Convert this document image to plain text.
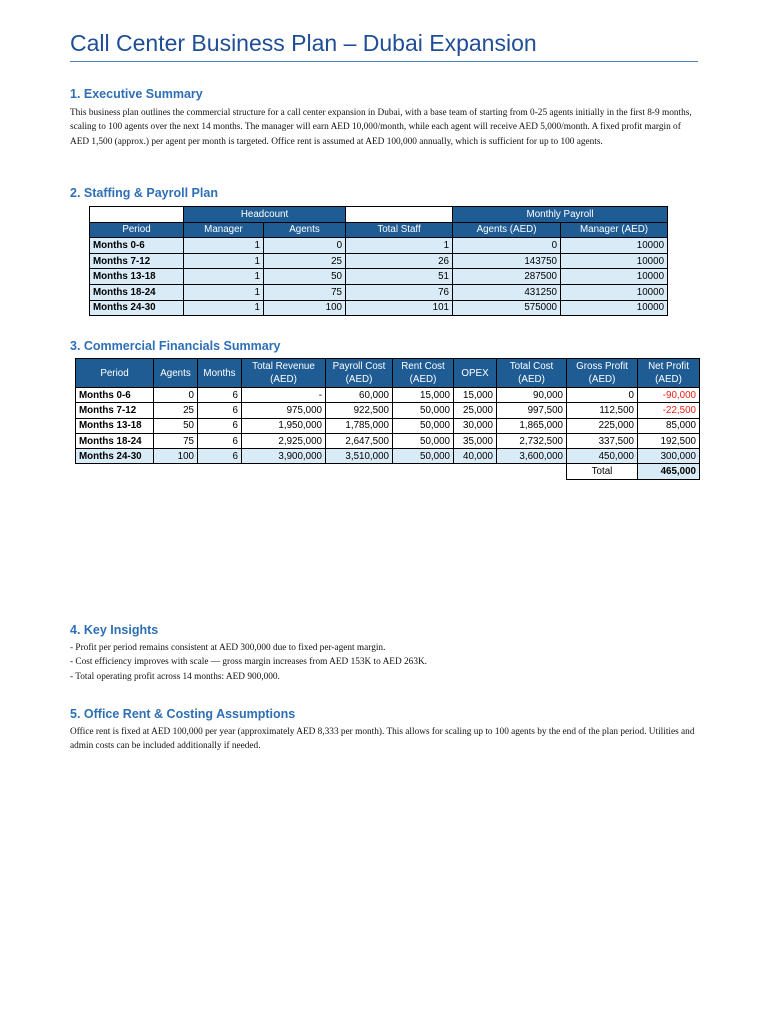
Call Center Business Plan – Dubai Expansion
1. Executive Summary
This business plan outlines the commercial structure for a call center expansion in Dubai, with a base team of starting from 0-25 agents initially in the first 8-9 months, scaling to 100 agents over the next 14 months. The manager will earn AED 10,000/month, while each agent will receive AED 5,000/month. A fixed profit margin of AED 1,500 (approx.) per agent per month is targeted. Office rent is assumed at AED 100,000 annually, which is sufficient for up to 100 agents.
2. Staffing & Payroll Plan
	Headcount			Monthly Payroll	
Period	Manager	Agents	Total Staff	Agents (AED)	Manager (AED)
Months 0-6	1	0	1	0	10000
Months 7-12	1	25	26	143750	10000
Months 13-18	1	50	51	287500	10000
Months 18-24	1	75	76	431250	10000
Months 24-30	1	100	101	575000	10000
3. Commercial Financials Summary
Period	Agents	Months	Total Revenue (AED)	Payroll Cost (AED)	Rent Cost (AED)	OPEX	Total Cost (AED)	Gross Profit (AED)	Net Profit (AED)
Months 0-6	0	6	-	60,000	15,000	15,000	90,000	0	-90,000
Months 7-12	25	6	975,000	922,500	50,000	25,000	997,500	112,500	-22,500
Months 13-18	50	6	1,950,000	1,785,000	50,000	30,000	1,865,000	225,000	85,000
Months 18-24	75	6	2,925,000	2,647,500	50,000	35,000	2,732,500	337,500	192,500
Months 24-30	100	6	3,900,000	3,510,000	50,000	40,000	3,600,000	450,000	300,000
								Total	465,000
4. Key Insights
- Profit per period remains consistent at AED 300,000 due to fixed per-agent margin.
- Cost efficiency improves with scale — gross margin increases from AED 153K to AED 263K.
- Total operating profit across 14 months: AED 900,000.
5. Office Rent & Costing Assumptions
Office rent is fixed at AED 100,000 per year (approximately AED 8,333 per month). This allows for scaling up to 100 agents by the end of the plan period. Utilities and admin costs can be included additionally if needed.
